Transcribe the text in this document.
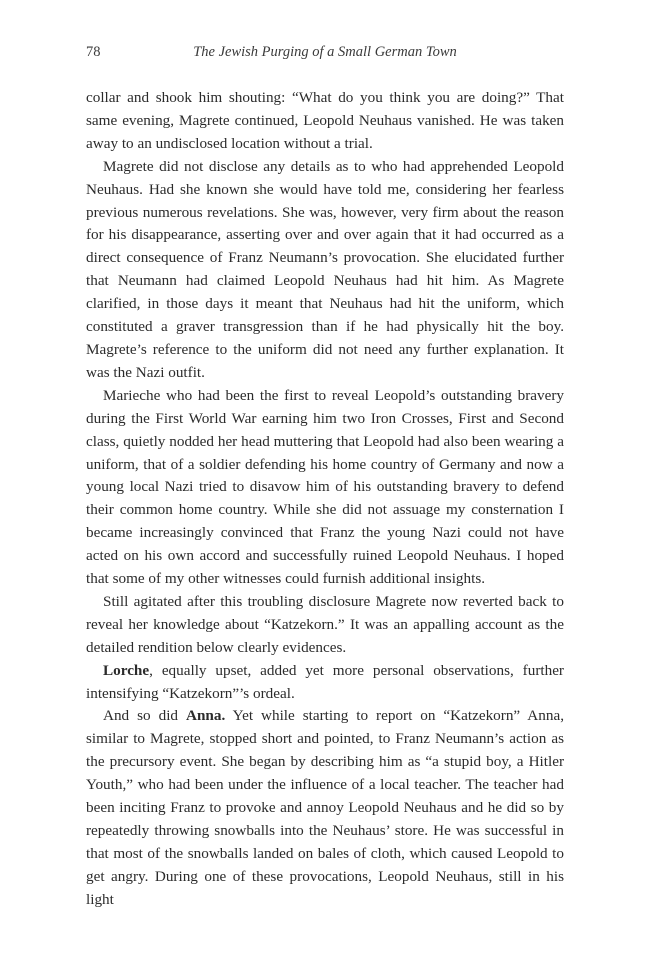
78	The Jewish Purging of a Small German Town

collar and shook him shouting: “What do you think you are doing?” That same evening, Magrete continued, Leopold Neuhaus vanished. He was taken away to an undisclosed location without a trial.

Magrete did not disclose any details as to who had apprehended Leopold Neuhaus. Had she known she would have told me, considering her fearless previous numerous revelations. She was, however, very firm about the reason for his disappearance, asserting over and over again that it had occurred as a direct consequence of Franz Neumann’s provocation. She elucidated further that Neumann had claimed Leopold Neuhaus had hit him. As Magrete clarified, in those days it meant that Neuhaus had hit the uniform, which constituted a graver transgression than if he had physically hit the boy. Magrete’s reference to the uniform did not need any further explanation. It was the Nazi outfit.

Marieche who had been the first to reveal Leopold’s outstanding bravery during the First World War earning him two Iron Crosses, First and Second class, quietly nodded her head muttering that Leopold had also been wearing a uniform, that of a soldier defending his home country of Germany and now a young local Nazi tried to disavow him of his outstanding bravery to defend their common home country. While she did not assuage my consternation I became increasingly convinced that Franz the young Nazi could not have acted on his own accord and successfully ruined Leopold Neuhaus. I hoped that some of my other witnesses could furnish additional insights.

Still agitated after this troubling disclosure Magrete now reverted back to reveal her knowledge about “Katzekorn.” It was an appalling account as the detailed rendition below clearly evidences.

Lorche, equally upset, added yet more personal observations, further intensifying “Katzekorn”’s ordeal.

And so did Anna. Yet while starting to report on “Katzekorn” Anna, similar to Magrete, stopped short and pointed, to Franz Neumann’s action as the precursory event. She began by describing him as “a stupid boy, a Hitler Youth,” who had been under the influence of a local teacher. The teacher had been inciting Franz to provoke and annoy Leopold Neuhaus and he did so by repeatedly throwing snowballs into the Neuhaus’ store. He was successful in that most of the snowballs landed on bales of cloth, which caused Leopold to get angry. During one of these provocations, Leopold Neuhaus, still in his light
